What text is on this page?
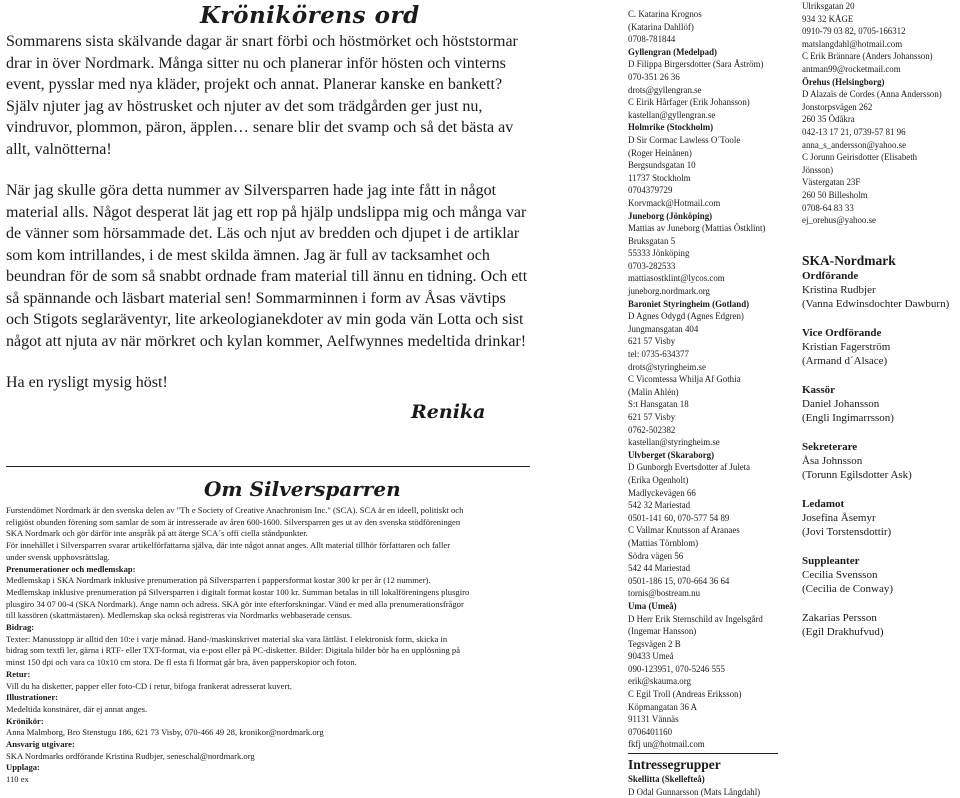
Krönikörens ord

Sommarens sista skälvande dagar är snart förbi och höstmörket och höststormar drar in över Nordmark. Många sitter nu och planerar inför hösten och vinterns event, pysslar med nya kläder, projekt och annat. Planerar kanske en bankett? Själv njuter jag av höstrusket och njuter av det som trädgården ger just nu, vindruvor, plommon, päron, äpplen… senare blir det svamp och så det bästa av allt, valnötterna!

När jag skulle göra detta nummer av Silversparren hade jag inte fått in något material alls. Något desperat lät jag ett rop på hjälp undslippa mig och många var de vänner som hörsammade det. Läs och njut av bredden och djupet i de artiklar som kom intrillandes, i de mest skilda ämnen. Jag är full av tacksamhet och beundran för de som så snabbt ordnade fram material till ännu en tidning. Och ett så spännande och läsbart material sen! Sommarminnen i form av Åsas vävtips och Stigots seglaräventyr, lite arkeologianekdoter av min goda vän Lotta och sist något att njuta av när mörkret och kylan kommer, Aelfwynnes medeltida drinkar!

Ha en rysligt mysig höst!

Renika
Om Silversparren
Furstendömet Nordmark är den svenska delen av "Th e Society of Creative Anachronism Inc." (SCA). SCA är en ideell, politiskt och
religiöst obunden förening som samlar de som är intresserade av åren 600-1600. Silversparren ges ut av den svenska stödföreningen
SKA Nordmark och gör därför inte anspråk på att återge SCA´s offi ciella ståndpunkter.
För innehållet i Silversparren svarar artikelförfattarna själva, där inte något annat anges. Allt material tillhör författaren och faller
under svensk upphovsrättslag.
Prenumerationer och medlemskap:
Medlemskap i SKA Nordmark inklusive prenumeration på Silversparren i pappersformat kostar 300 kr per år (12 nummer).
Medlemskap inklusive prenumeration på Silversparren i digitalt format kostar 100 kr. Summan betalas in till lokalföreningens plusgiro
plusgiro 34 07 00-4 (SKA Nordmark). Ange namn och adress. SKA gör inte efterforskningar. Vänd er med alla prenumerationsfrågor
till kassören (skattmästaren). Medlemskap ska också registreras via Nordmarks webbaserade census.
Bidrag:
Texter: Manusstopp är alltid den 10:e i varje månad. Hand-/maskinskrivet material ska vara lättläst. I elektronisk form, skicka in
bidrag som textfi ler, gärna i RTF- eller TXT-format, via e-post eller på PC-disketter. Bilder: Digitala bilder bör ha en upplösning på
minst 150 dpi och vara ca 10x10 cm stora. De fl esta fi lformat går bra, även papperskopior och foton.
Retur:
Vill du ha disketter, papper eller foto-CD i retur, bifoga frankerat adresserat kuvert.
Illustrationer:
Medeltida konstnärer, där ej annat anges.
Krönikör:
Anna Malmborg, Bro Stenstugu 186, 621 73 Visby, 070-466 49 28, kronikor@nordmark.org
Ansvarig utgivare:
SKA Nordmarks ordförande Kristina Rudbjer, seneschal@nordmark.org
Upplaga:
110 ex
C. Katarina Krognos
(Katarina Dahllöf)
0708-781844
Gyllengran (Medelpad)
D Filippa Birgersdotter (Sara Åström)
070-351 26 36
drots@gyllengran.se
C Eirik Hårfager (Erik Johansson)
kastellan@gyllengran.se
Holmrike (Stockholm)
D Sir Cormac Lawless O´Toole
(Roger Heinänen)
Bergsundsgatan 10
11737 Stockholm
0704379729
Korvmack@Hotmail.com
Juneborg (Jönköping)
Mattias av Juneborg (Mattias Östklint)
Bruksgatan 5
55333 Jönköping
0703-282533
mattiasostklint@lycos.com
juneborg.nordmark.org
Baroniet Styringheim (Gotland)
D Agnes Odygd (Agnes Edgren)
Jungmansgatan 404
621 57 Visby
tel: 0735-634377
drots@styringheim.se
C Vicomtessa Whilja Af Gothia
(Malin Ahlén)
S:t Hansgatan 18
621 57 Visby
0762-502382
kastellan@styringheim.se
Ulvberget (Skaraborg)
D Gunborgh Evertsdotter af Juleta
(Erika Ogenholt)
Madlyckevägen 66
542 32 Mariestad
0501-141 60, 070-577 54 89
C Vallmar Knutsson af Aranaes
(Mattias Törnblom)
Södra vägen 56
542 44 Mariestad
0501-186 15, 070-664 36 64
tornis@bostream.nu
Uma (Umeå)
D Herr Erik Sternschild av Ingelsgård
(Ingemar Hansson)
Tegsvägen 2 B
90433 Umeå
090-123951, 070-5246 555
erik@skauma.org
C Egil Troll (Andreas Eriksson)
Köpmangatan 36 A
91131 Vännäs
0706401160
fkfj un@hotmail.com
Intressegrupper
Skellitta (Skellefteå)
D Odal Gunnarsson (Mats Långdahl)
Ulriksgatan 20
934 32 KÅGE
0910-79 03 82, 0705-166312
matslangdahl@hotmail.com
C Erik Brännare (Anders Johansson)
antman99@rocketmail.com
Örehus (Helsingborg)
D Alazaïs de Cordes (Anna Andersson)
Jonstorpsvägen 262
260 35 Ödåkra
042-13 17 21, 0739-57 81 96
anna_s_andersson@yahoo.se
C Jorunn Geirisdotter (Elisabeth
Jönsson)
Västergatan 23F
260 50 Billesholm
0708-64 83 33
ej_orehus@yahoo.se
SKA-Nordmark
Ordförande
Kristina Rudbjer
(Vanna Edwinsdochter Dawburn)
Vice Ordförande
Kristian Fagerström
(Armand d´Alsace)
Kassör
Daniel Johansson
(Engli Ingimarrsson)
Sekreterare
Åsa Johnsson
(Torunn Egilsdotter Ask)
Ledamot
Josefina Åsemyr
(Jovi Torstensdottir)
Suppleanter
Cecilia Svensson
(Cecilia de Conway)
Zakarias Persson
(Egil Drakhufvud)
